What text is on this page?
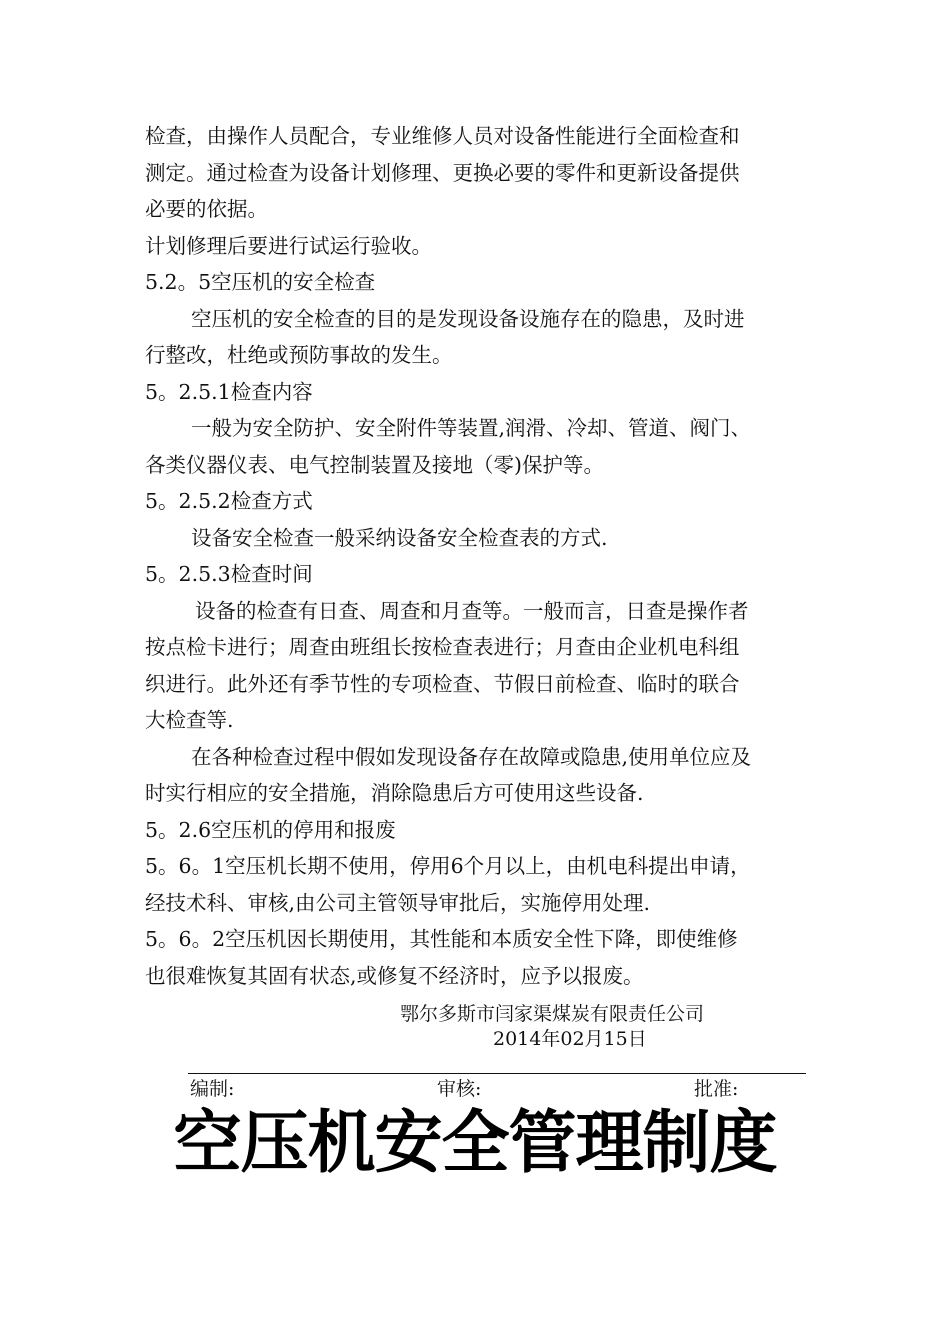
检查，由操作人员配合，专业维修人员对设备性能进行全面检查和

测定。通过检查为设备计划修理、更换必要的零件和更新设备提供

必要的依据。

计划修理后要进行试运行验收。

5.2。5空压机的安全检查

空压机的安全检查的目的是发现设备设施存在的隐患，及时进

行整改，杜绝或预防事故的发生。

5。2.5.1检查内容

一般为安全防护、安全附件等装置,润滑、冷却、管道、阀门、

各类仪器仪表、电气控制装置及接地（零)保护等。

5。2.5.2检查方式

设备安全检查一般采纳设备安全检查表的方式.

5。2.5.3检查时间

设备的检查有日查、周查和月查等。一般而言，日查是操作者

按点检卡进行；周查由班组长按检查表进行；月查由企业机电科组

织进行。此外还有季节性的专项检查、节假日前检查、临时的联合

大检查等.

在各种检查过程中假如发现设备存在故障或隐患,使用单位应及

时实行相应的安全措施，消除隐患后方可使用这些设备.

5。2.6空压机的停用和报废

5。6。1空压机长期不使用，停用6个月以上，由机电科提出申请，

经技术科、审核,由公司主管领导审批后，实施停用处理.

5。6。2空压机因长期使用，其性能和本质安全性下降，即使维修

也很难恢复其固有状态,或修复不经济时，应予以报废。

鄂尔多斯市闫家渠煤炭有限责任公司
2014年02月15日
编制:	审核:	批准:
空压机安全管理制度
